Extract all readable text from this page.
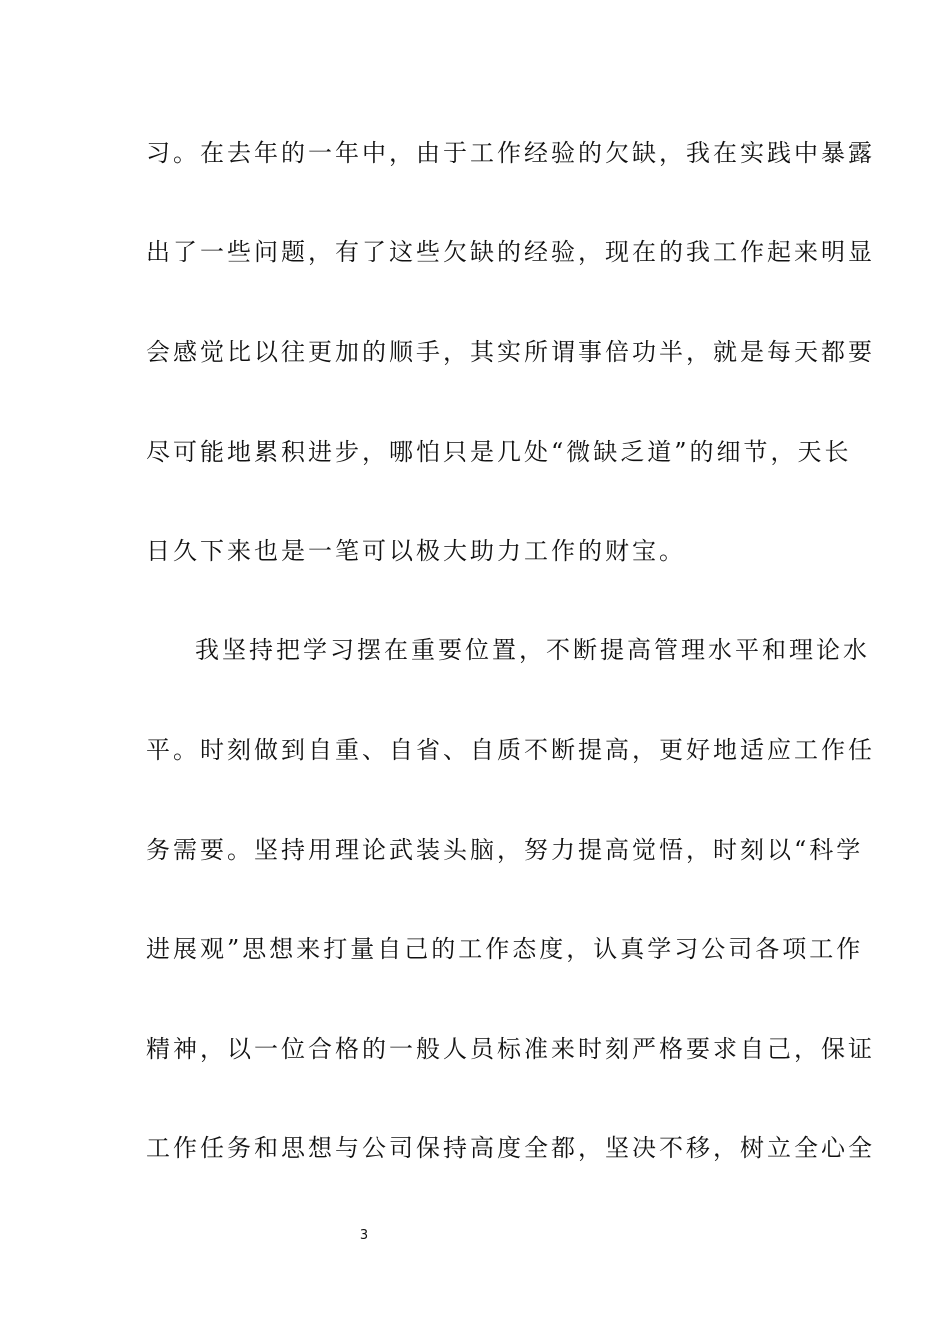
习。在去年的一年中，由于工作经验的欠缺，我在实践中暴露
出了一些问题，有了这些欠缺的经验，现在的我工作起来明显
会感觉比以往更加的顺手，其实所谓事倍功半，就是每天都要
尽可能地累积进步，哪怕只是几处“微缺乏道”的细节，天长
日久下来也是一笔可以极大助力工作的财宝。
我坚持把学习摆在重要位置，不断提高管理水平和理论水
平。时刻做到自重、自省、自质不断提高，更好地适应工作任
务需要。坚持用理论武装头脑，努力提高觉悟，时刻以“科学
进展观”思想来打量自己的工作态度，认真学习公司各项工作
精神，以一位合格的一般人员标准来时刻严格要求自己，保证
工作任务和思想与公司保持高度全都，坚决不移，树立全心全
3
